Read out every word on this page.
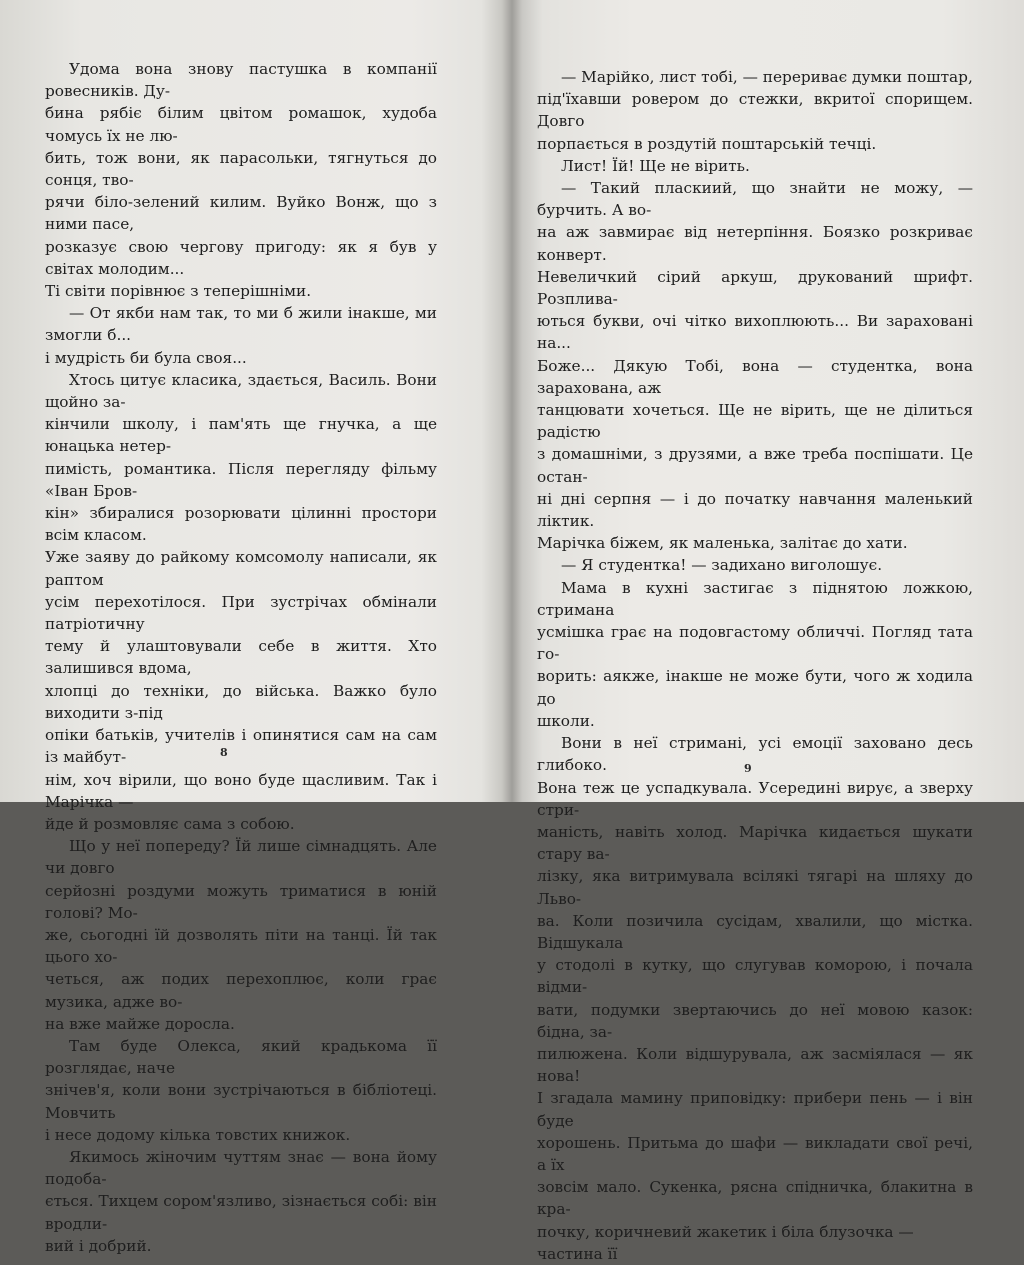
Удома вона знову пастушка в компанії ровесників. Ду-
бина рябіє білим цвітом ромашок, худоба чомусь їх не лю-
бить, тож вони, як парасольки, тягнуться до сонця, тво-
рячи біло-зелений килим. Вуйко Вонж, що з ними пасе,
розказує свою чергову пригоду: як я був у світах молодим...
Ті світи порівнює з теперішніми.

— От якби нам так, то ми б жили інакше, ми змогли б...
і мудрість би була своя...

Хтось цитує класика, здається, Василь. Вони щойно за-
кінчили школу, і пам'ять ще гнучка, а ще юнацька нетер-
пимість, романтика. Після перегляду фільму «Іван Бров-
кін» збиралися розорювати цілинні простори всім класом.
Уже заяву до райкому комсомолу написали, як раптом
усім перехотілося. При зустрічах обмінали патріотичну
тему й улаштовували себе в життя. Хто залишився вдома,
хлопці до техніки, до війська. Важко було виходити з-під
опіки батьків, учителів і опинятися сам на сам із майбут-
нім, хоч вірили, що воно буде щасливим. Так і Марічка —
йде й розмовляє сама з собою.

Що у неї попереду? Їй лише сімнадцять. Але чи довго
серйозні роздуми можуть триматися в юній голові? Мо-
же, сьогодні їй дозволять піти на танці. Їй так цього хо-
четься, аж подих перехоплює, коли грає музика, адже во-
на вже майже доросла.

Там буде Олекса, який крадькома її розглядає, наче
знічев'я, коли вони зустрічаються в бібліотеці. Мовчить
і несе додому кілька товстих книжок.

Якимось жіночим чуттям знає — вона йому подоба-
ється. Тихцем сором'язливо, зізнається собі: він вродли-
вий і добрий.

8

— Марійко, лист тобі, — перериває думки поштар,
під'їхавши ровером до стежки, вкритої спорищем. Довго
порпається в роздутій поштарській течці.

Лист! Їй! Ще не вірить.

— Такий пласкиий, що знайти не можу, — бурчить. А во-
на аж завмирає від нетерпіння. Боязко розкриває конверт.
Невеличкий сірий аркуш, друкований шрифт. Розплива-
ються букви, очі чітко вихоплюють... Ви зараховані на...
Боже... Дякую Тобі, вона — студентка, вона зарахована, аж
танцювати хочеться. Ще не вірить, ще не ділиться радістю
з домашніми, з друзями, а вже треба поспішати. Це остан-
ні дні серпня — і до початку навчання маленький ліктик.
Марічка біжем, як маленька, залітає до хати.

— Я студентка! — задихано виголошує.

Мама в кухні застигає з піднятою ложкою, стримана
усмішка грає на подовгастому обличчі. Погляд тата го-
ворить: аякже, інакше не може бути, чого ж ходила до
школи.

Вони в неї стримані, усі емоції заховано десь глибоко.
Вона теж це успадкувала. Усередині вирує, а зверху стри-
маність, навіть холод. Марічка кидається шукати стару ва-
лізку, яка витримувала всілякі тягарі на шляху до Льво-
ва. Коли позичила сусідам, хвалили, що містка. Відшукала
у стодолі в кутку, що слугував коморою, і почала відми-
вати, подумки звертаючись до неї мовою казок: бідна, за-
пилюжена. Коли відшурувала, аж засміялася — як нова!
І згадала мамину приповідку: прибери пень — і він буде
хорошень. Притьма до шафи — викладати свої речі, а їх
зовсім мало. Сукенка, рясна спідничка, блакитна в кра-
почку, коричневий жакетик і біла блузочка — частина її

9
